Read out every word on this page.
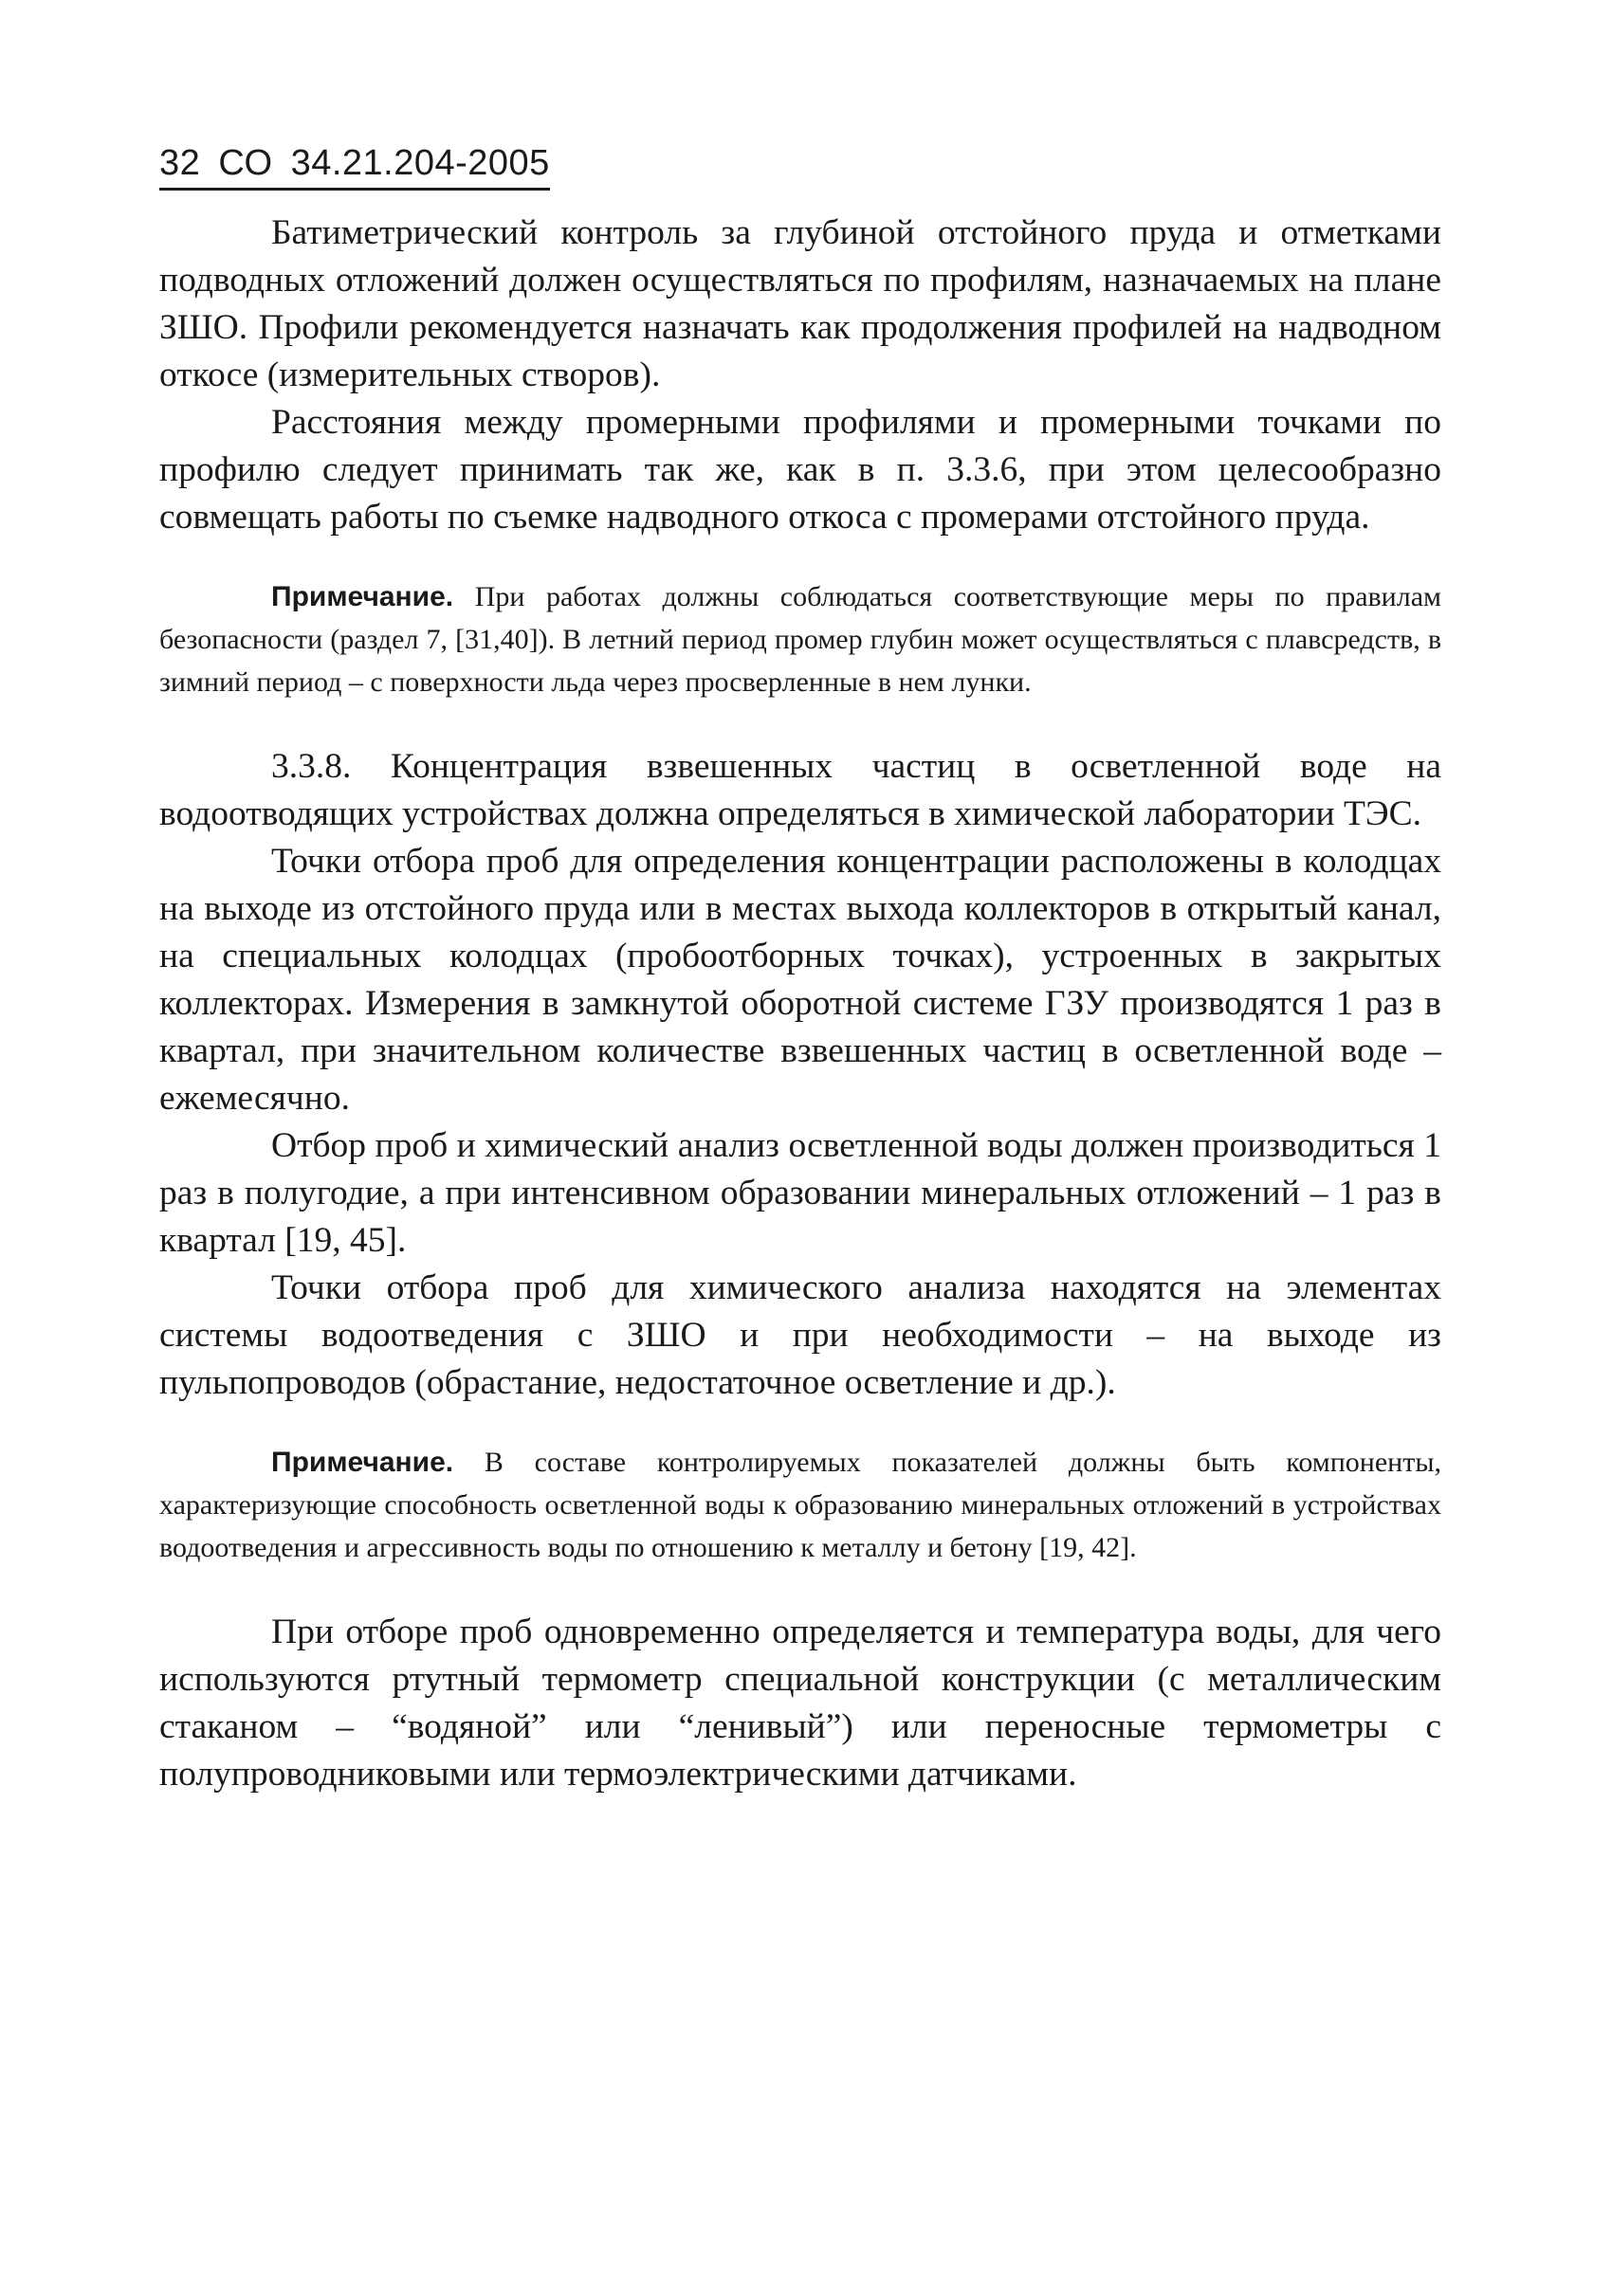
32 СО 34.21.204-2005

Батиметрический контроль за глубиной отстойного пруда и отметками подводных отложений должен осуществляться по профилям, назначаемых на плане ЗШО. Профили рекомендуется назначать как продолжения профилей на надводном откосе (измерительных створов).

Расстояния между промерными профилями и промерными точками по профилю следует принимать так же, как в п. 3.3.6, при этом целесообразно совмещать работы по съемке надводного откоса с промерами отстойного пруда.

Примечание. При работах должны соблюдаться соответствующие меры по правилам безопасности (раздел 7, [31,40]). В летний период промер глубин может осуществляться с плавсредств, в зимний период – с поверхности льда через просверленные в нем лунки.

3.3.8. Концентрация взвешенных частиц в осветленной воде на водоотводящих устройствах должна определяться в химической лаборатории ТЭС.

Точки отбора проб для определения концентрации расположены в колодцах на выходе из отстойного пруда или в местах выхода коллекторов в открытый канал, на специальных колодцах (пробоотборных точках), устроенных в закрытых коллекторах. Измерения в замкнутой оборотной системе ГЗУ производятся 1 раз в квартал, при значительном количестве взвешенных частиц в осветленной воде – ежемесячно.

Отбор проб и химический анализ осветленной воды должен производиться 1 раз в полугодие, а при интенсивном образовании минеральных отложений – 1 раз в квартал [19, 45].

Точки отбора проб для химического анализа находятся на элементах системы водоотведения с ЗШО и при необходимости – на выходе из пульпопроводов (обрастание, недостаточное осветление и др.).

Примечание. В составе контролируемых показателей должны быть компоненты, характеризующие способность осветленной воды к образованию минеральных отложений в устройствах водоотведения и агрессивность воды по отношению к металлу и бетону [19, 42].

При отборе проб одновременно определяется и температура воды, для чего используются ртутный термометр специальной конструкции (с металлическим стаканом – “водяной” или “ленивый”) или переносные термометры с полупроводниковыми или термоэлектрическими датчиками.
